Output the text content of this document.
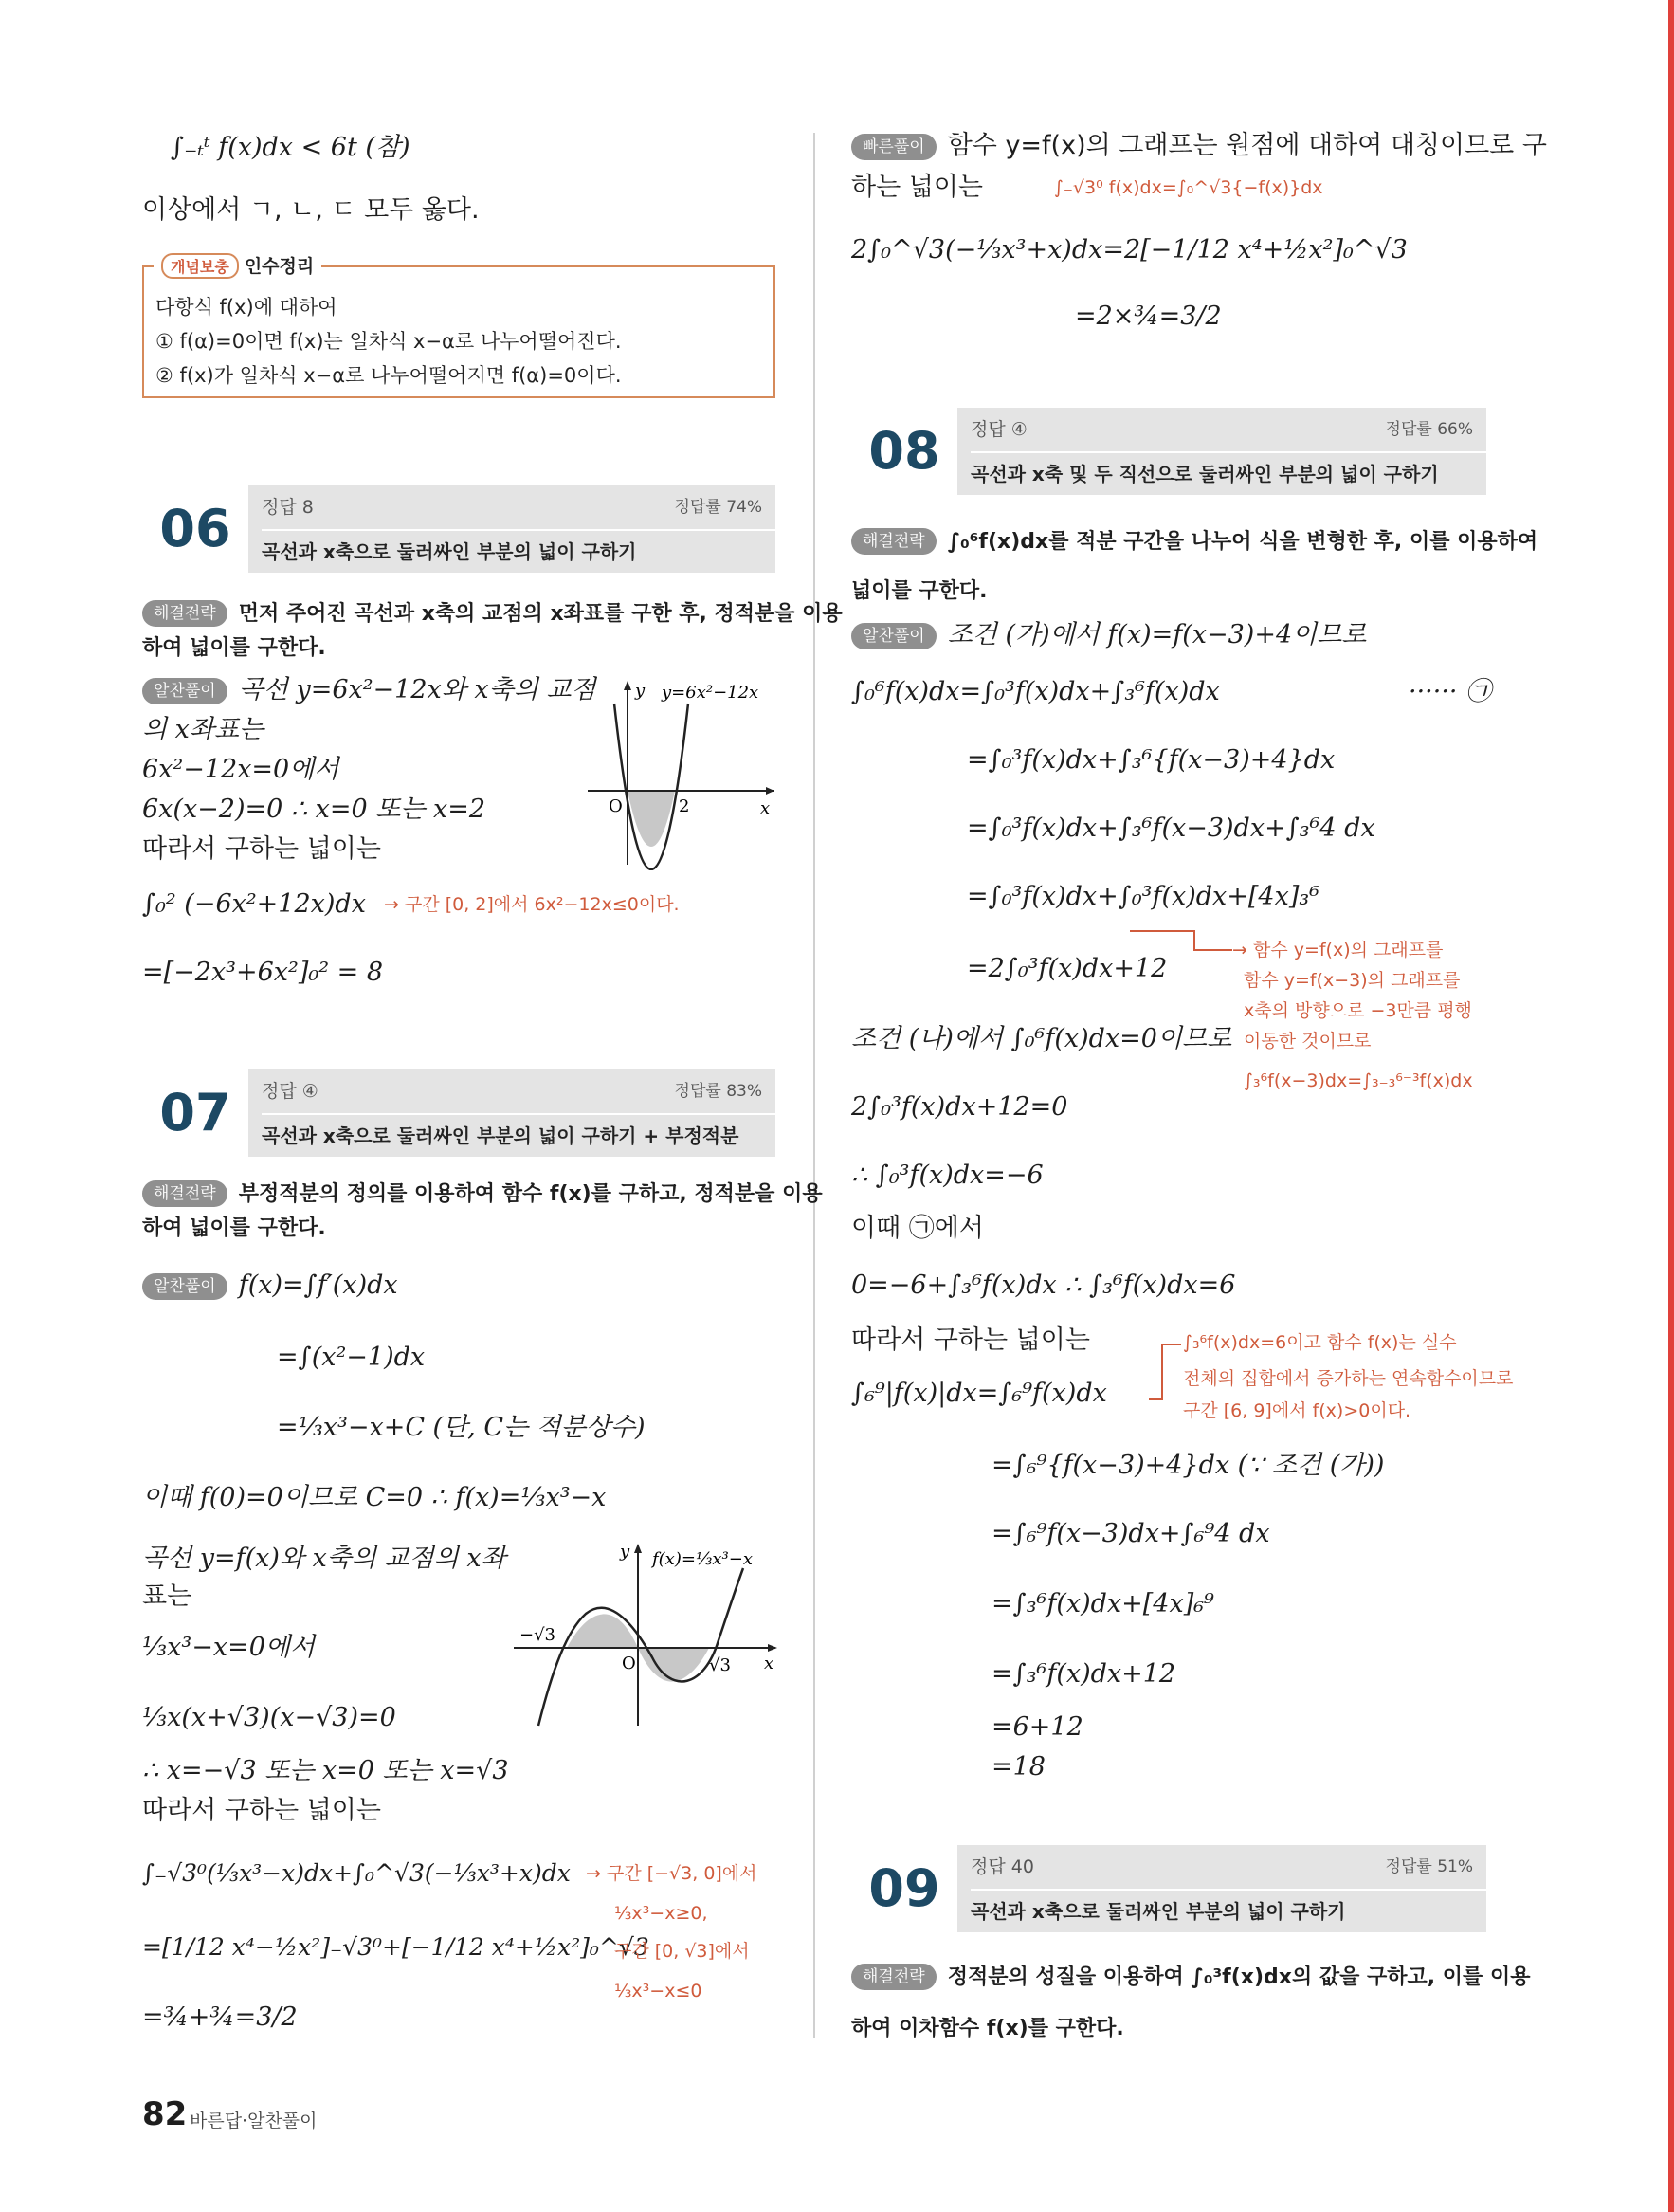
∫₋ₜᵗ f(x)dx < 6t (참)
이상에서 ㄱ, ㄴ, ㄷ 모두 옳다.
개념보충 인수정리
다항식 f(x)에 대하여
① f(α)=0이면 f(x)는 일차식 x−α로 나누어떨어진다.
② f(x)가 일차식 x−α로 나누어떨어지면 f(α)=0이다.
06	정답 8	정답률 74%
곡선과 x축으로 둘러싸인 부분의 넓이 구하기
해결전략 먼저 주어진 곡선과 x축의 교점의 x좌표를 구한 후, 정적분을 이용
하여 넓이를 구한다.
알찬풀이 곡선 y=6x²−12x와 x축의 교점
의 x좌표는
6x²−12x=0에서
6x(x−2)=0 ∴ x=0 또는 x=2
따라서 구하는 넓이는
∫₀² (−6x²+12x)dx → 구간 [0, 2]에서 6x²−12x≤0이다.
=[−2x³+6x²]₀² = 8
y y=6x²−12x
x
O	2
07	정답 ④	정답률 83%
곡선과 x축으로 둘러싸인 부분의 넓이 구하기 + 부정적분
해결전략 부정적분의 정의를 이용하여 함수 f(x)를 구하고, 정적분을 이용
하여 넓이를 구한다.
알찬풀이 f(x)=∫f′(x)dx
=∫(x²−1)dx
=⅓x³−x+C (단, C는 적분상수)
이때 f(0)=0이므로 C=0 ∴ f(x)=⅓x³−x
곡선 y=f(x)와 x축의 교점의 x좌
표는
⅓x³−x=0에서
⅓x(x+√3)(x−√3)=0
∴ x=−√3 또는 x=0 또는 x=√3
따라서 구하는 넓이는
∫₋√3⁰(⅓x³−x)dx+∫₀^√3(−⅓x³+x)dx
=[1/12 x⁴−½x²]₋√3⁰+[−1/12 x⁴+½x²]₀^√3
=¾+¾=3/2
→ 구간 [−√3, 0]에서
⅓x³−x≥0,
구간 [0, √3]에서
⅓x³−x≤0
y f(x)=⅓x³−x
x
O
−√3
√3
빠른풀이 함수 y=f(x)의 그래프는 원점에 대하여 대칭이므로 구
하는 넓이는	∫₋√3⁰ f(x)dx=∫₀^√3{−f(x)}dx
2∫₀^√3(−⅓x³+x)dx=2[−1/12 x⁴+½x²]₀^√3
=2×¾=3/2
08	정답 ④	정답률 66%
곡선과 x축 및 두 직선으로 둘러싸인 부분의 넓이 구하기
해결전략 ∫₀⁶f(x)dx를 적분 구간을 나누어 식을 변형한 후, 이를 이용하여
넓이를 구한다.
알찬풀이 조건 (가)에서 f(x)=f(x−3)+4이므로
∫₀⁶f(x)dx=∫₀³f(x)dx+∫₃⁶f(x)dx	······ ㉠
=∫₀³f(x)dx+∫₃⁶{f(x−3)+4}dx
=∫₀³f(x)dx+∫₃⁶f(x−3)dx+∫₃⁶4 dx
=∫₀³f(x)dx+∫₀³f(x)dx+[4x]₃⁶
=2∫₀³f(x)dx+12
조건 (나)에서 ∫₀⁶f(x)dx=0이므로
2∫₀³f(x)dx+12=0
∴ ∫₀³f(x)dx=−6
이때 ㉠에서
0=−6+∫₃⁶f(x)dx ∴ ∫₃⁶f(x)dx=6
따라서 구하는 넓이는
∫₆⁹|f(x)|dx=∫₆⁹f(x)dx
=∫₆⁹{f(x−3)+4}dx (∵ 조건 (가))
=∫₆⁹f(x−3)dx+∫₆⁹4 dx
=∫₃⁶f(x)dx+[4x]₆⁹
=∫₃⁶f(x)dx+12
=6+12
=18
→ 함수 y=f(x)의 그래프를
함수 y=f(x−3)의 그래프를
x축의 방향으로 −3만큼 평행
이동한 것이므로
∫₃⁶f(x−3)dx=∫₃₋₃⁶⁻³f(x)dx
∫₃⁶f(x)dx=6이고 함수 f(x)는 실수
전체의 집합에서 증가하는 연속함수이므로
구간 [6, 9]에서 f(x)>0이다.
09	정답 40	정답률 51%
곡선과 x축으로 둘러싸인 부분의 넓이 구하기
해결전략 정적분의 성질을 이용하여 ∫₀³f(x)dx의 값을 구하고, 이를 이용
하여 이차함수 f(x)를 구한다.
82 바른답·알찬풀이
